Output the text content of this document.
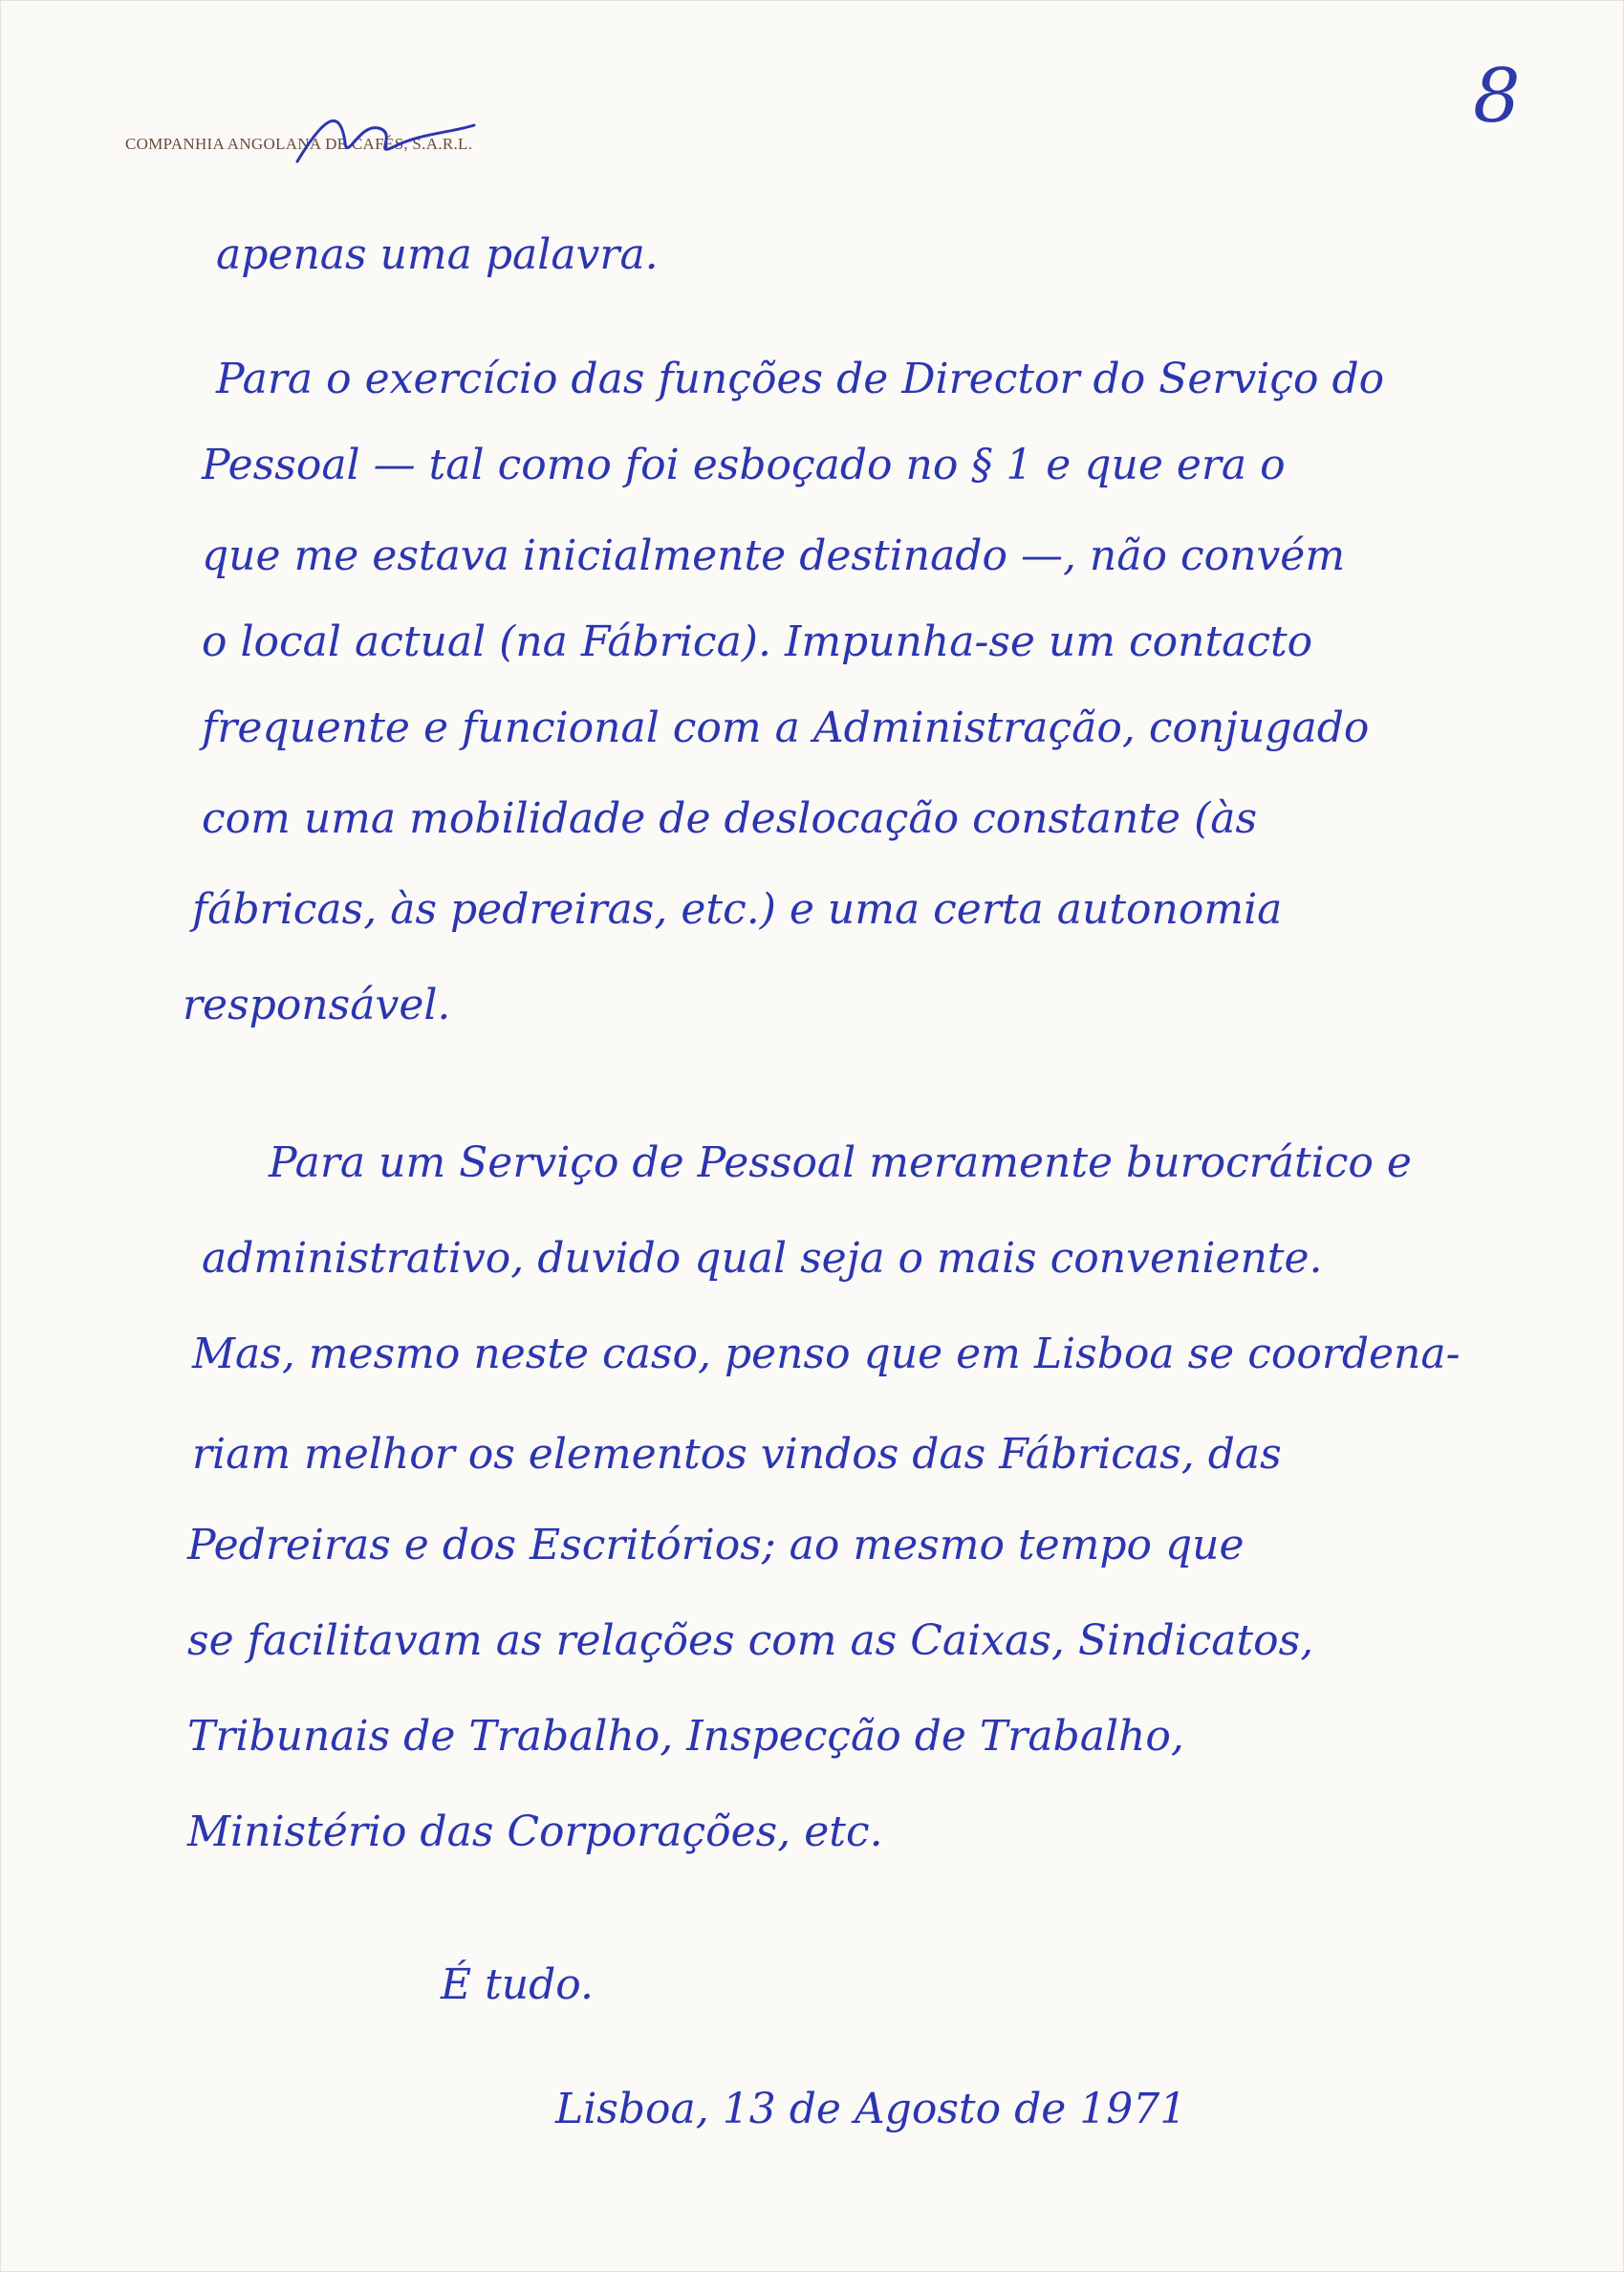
COMPANHIA ANGOLANA DE CAFÉS, S.A.R.L.
8
apenas uma palavra.
Para o exercício das funções de Director do Serviço do
Pessoal — tal como foi esboçado no § 1 e que era o
que me estava inicialmente destinado —, não convém
o local actual (na Fábrica). Impunha-se um contacto
frequente e funcional com a Administração, conjugado
com uma mobilidade de deslocação constante (às
fábricas, às pedreiras, etc.) e uma certa autonomia
responsável.
Para um Serviço de Pessoal meramente burocrático e
administrativo, duvido qual seja o mais conveniente.
Mas, mesmo neste caso, penso que em Lisboa se coordena-
riam melhor os elementos vindos das Fábricas, das
Pedreiras e dos Escritórios; ao mesmo tempo que
se facilitavam as relações com as Caixas, Sindicatos,
Tribunais de Trabalho, Inspecção de Trabalho,
Ministério das Corporações, etc.
É tudo.
Lisboa, 13 de Agosto de 1971
